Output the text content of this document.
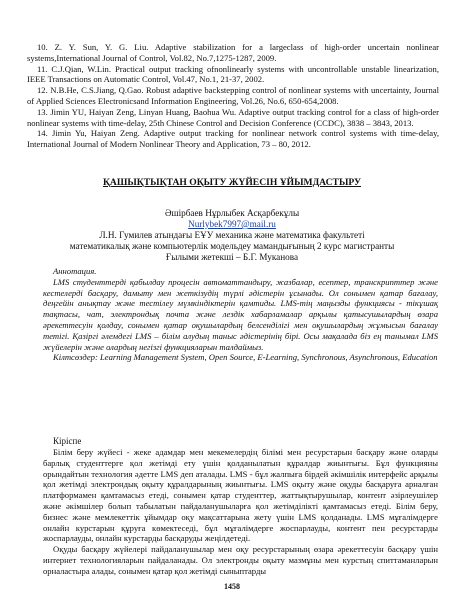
10. Z. Y. Sun, Y. G. Liu. Adaptive stabilization for a largeclass of high-order uncertain nonlinear systems,International Journal of Control, Vol.82, No.7,1275-1287, 2009.

11. C.J.Qian, W.Lin. Practical output tracking ofnonlinearly systems with uncontrollable unstable linearization, IEEE Transactions on Automatic Control, Vol.47, No.1, 21-37, 2002.

12. N.B.He, C.S.Jiang, Q.Gao. Robust adaptive backstepping control of nonlinear systems with uncertainty, Journal of Applied Sciences Electronicsand Information Engineering, Vol.26, No.6, 650-654,2008.

13. Jimin YU, Haiyan Zeng, Linyan Huang, Baohua Wu. Adaptive output tracking control for a class of high-order nonlinear systems with time-delay, 25th Chinese Control and Decision Conference (CCDC), 3838 – 3843, 2013.

14. Jimin Yu, Haiyan Zeng. Adaptive output tracking for nonlinear network control systems with time-delay, International Journal of Modern Nonlinear Theory and Application, 73 – 80, 2012.

ҚАШЫҚТЫҚТАН ОҚЫТУ ЖҮЙЕСІН ҰЙЫМДАСТЫРУ
Әшірбаев Нұрлыбек Асқарбекұлы
Nurlybek7997@mail.ru
Л.Н. Гумилев атындағы ЕҰУ механика және математика факультеті
математикалық және компьютерлік модельдеу мамандығының 2 курс магистранты
Ғылыми жетекші – Б.Г. Муканова

Аннотация.

LMS студенттерді қабылдау процесін автоматтандыру, жазбалар, есептер, транскрипттер және кестелерді басқару, дамыту мен жеткізудің түрлі әдістерін ұсынады. Ол сонымен қатар бағалау, деңгейін анықтау және тестілеу мүмкіндіктерін қамтиды. LMS-тің маңызды функциясы - тікұшақ тақтасы, чат, электрондық почта және лездік хабарламалар арқылы қатысушылардың өзара әрекеттесуін қолдау, сонымен қатар оқушылардың белсенділігі мен оқушылардың жұмысын бағалау тетігі. Қазіргі әлемдегі LMS – білім алудың таныс әдістерінің бірі. Осы мақалада біз ең танымал LMS жүйелерін және олардың негізгі функцияларын талдаймыз.

Кілтсөздер: Learning Management System, Open Source, E-Learning, Synchronous, Asynchronous, Education

Кіріспе

Білім беру жүйесі - жеке адамдар мен мекемелердің білімі мен ресурстарын басқару және оларды барлық студенттерге қол жетімді ету үшін қолданылатын құралдар жиынтығы. Бұл функцияны орындайтын технология әдетте LMS деп аталады. LMS - бұл жалпыға бірдей әкімшілік интерфейс арқылы қол жетімді электрондық оқыту құралдарының жиынтығы. LMS оқыту және оқуды басқаруға арналған платформамен қамтамасыз етеді, сонымен қатар студенттер, жаттықтырушылар, контент әзірлеушілер және әкімшілер болып табылатын пайдаланушыларға қол жетімділікті қамтамасыз етеді. Білім беру, бизнес және мемлекеттік ұйымдар оқу мақсаттарына жету үшін LMS қолданады. LMS мұғалімдерге онлайн курстарын құруға көмектеседі, бұл мұғалімдерге жоспарлауды, контент пен ресурстарды жоспарлауды, онлайн курстарды басқаруды жеңілдетеді.

Оқуды басқару жүйелері пайдаланушылар мен оқу ресурстарының өзара әрекеттесуін басқару үшін интернет технологияларын пайдаланады. Ол электронды оқыту мазмұны мен курстың спиттаманларын орналастыра алады, сонымен қатар қол жетімді сынып​тарды

1458
